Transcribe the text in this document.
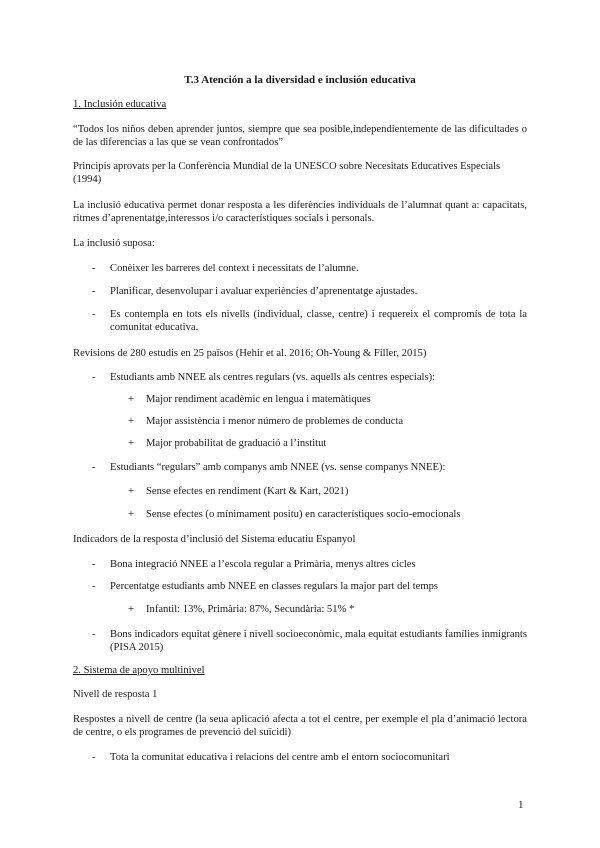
T.3 Atención a la diversidad e inclusión educativa

1. Inclusión educativa

“Todos los niños deben aprender juntos, siempre que sea posible,independientemente de las dificultades o de las diferencias a las que se vean confrontados”

Principis aprovats per la Conferència Mundial de la UNESCO sobre Necesitats Educatives Especials (1994)

La inclusió educativa permet donar resposta a les diferències individuals de l’alumnat quant a: capacitats, ritmes d’aprenentatge,interessos i/o característiques socials i personals.

La inclusió suposa:

- Conèixer les barreres del context i necessitats de l’alumne.

- Planificar, desenvolupar i avaluar experiències d’aprenentatge ajustades.

- Es contempla en tots els nivells (individual, classe, centre) i requereix el compromís de tota la comunitat educativa.

Revisions de 280 estudis en 25 països (Hehir et al. 2016; Oh-Young & Filler, 2015)

- Estudiants amb NNEE als centres regulars (vs. aquells als centres especials):

+ Major rendiment acadèmic en lengua i matemàtiques

+ Major assistència i menor número de problemes de conducta

+ Major probabilitat de graduació a l’institut

- Estudiants “regulars” amb companys amb NNEE (vs. sense companys NNEE):

+ Sense efectes en rendiment (Kart & Kart, 2021)

+ Sense efectes (o mínimament positu) en característiques socio-emocionals

Indicadors de la resposta d’inclusió del Sistema educatiu Espanyol

- Bona integració NNEE a l’escola regular a Primària, menys altres cicles

- Percentatge estudiants amb NNEE en classes regulars la major part del temps

+ Infantil: 13%, Primària: 87%, Secundària: 51% *

- Bons indicadors equitat gènere i nivell socioeconòmic, mala equitat estudiants famílies inmigrants (PISA 2015)

2. Sistema de apoyo multinivel

Nivell de resposta 1

Respostes a nivell de centre (la seua aplicació afecta a tot el centre, per exemple el pla d’animació lectora de centre, o els programes de prevenció del suïcidi)

- Tota la comunitat educativa i relacions del centre amb el entorn sociocomunitari

1
